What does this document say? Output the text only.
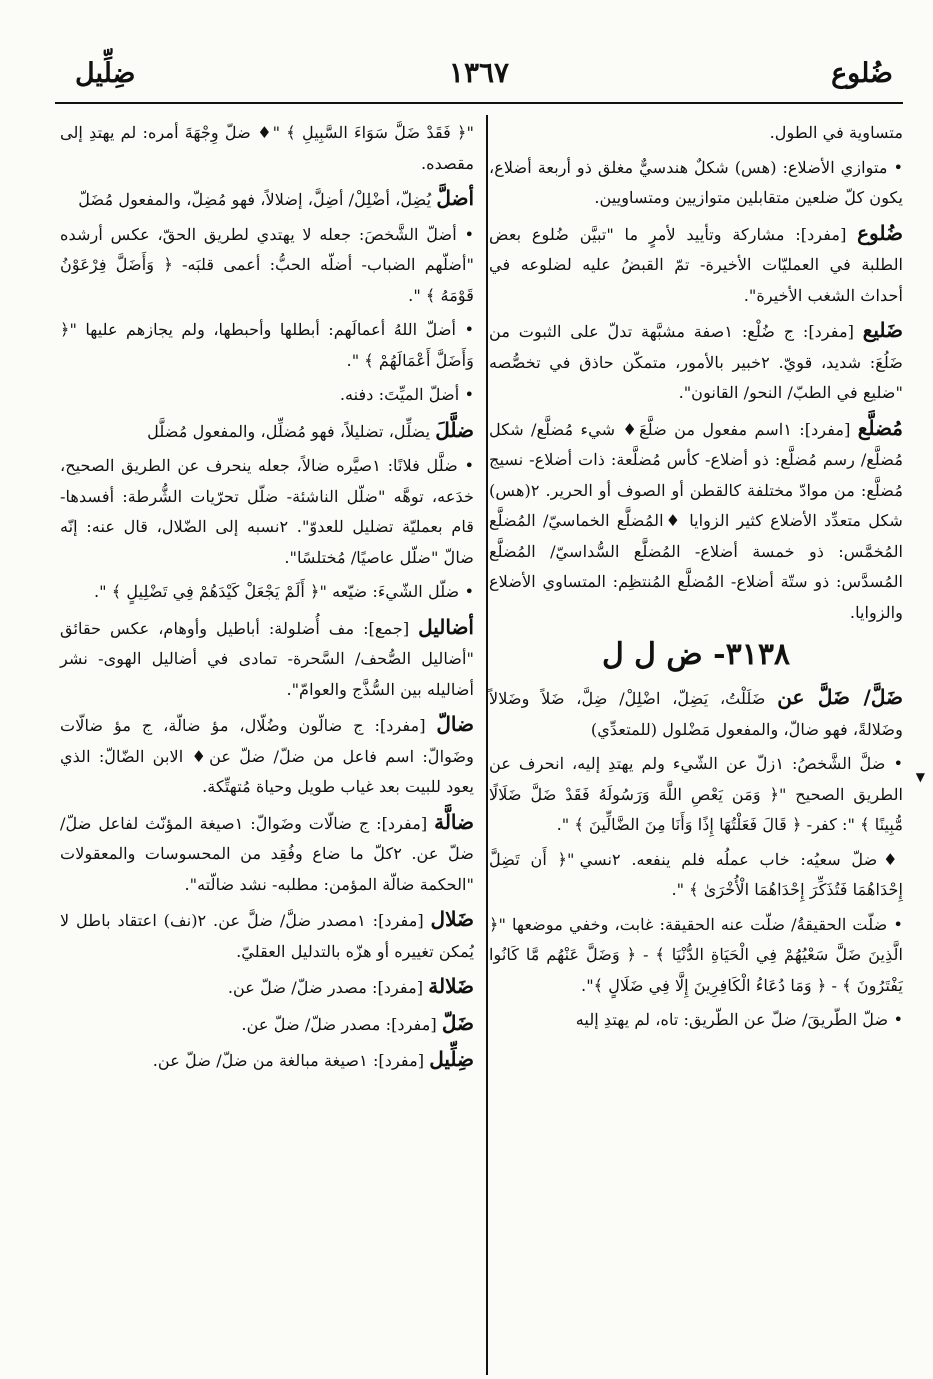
ضُلوع
١٣٦٧
ضِلِّيل

متساوية في الطول.

• متوازي الأضلاع: (هس) شكلٌ هندسيٌّ مغلق ذو أربعة أضلاع، يكون كلّ ضلعين متقابلين متوازيين ومتساويين.

ضُلوع [مفرد]: مشاركة وتأييد لأمرٍ ما "تبيَّن ضُلوع بعض الطلبة في العمليّات الأخيرة- تمّ القبضُ عليه لضلوعه في أحداث الشغب الأخيرة".

ضَليع [مفرد]: ج ضُلْع: ١صفة مشبَّهة تدلّ على الثبوت من ضَلُعَ: شديد، قويّ. ٢خبير بالأمور، متمكّن حاذق في تخصُّصه "ضليع في الطبّ/ النحو/ القانون".

مُضلَّع [مفرد]: ١اسم مفعول من ضلَّعَ♦ شيء مُضلَّع/ شكل مُضلَّع/ رسم مُضلَّع: ذو أضلاع- كأس مُضلَّعة: ذات أضلاع- نسيج مُضلَّع: من موادّ مختلفة كالقطن أو الصوف أو الحرير. ٢(هس) شكل متعدِّد الأضلاع كثير الزوايا ♦المُضلَّع الخماسيّ/ المُضلَّع المُخمَّس: ذو خمسة أضلاع- المُضلَّع السُّداسيّ/ المُضلَّع المُسدَّس: ذو ستّة أضلاع- المُضلَّع المُنتظِم: المتساوي الأضلاع والزوايا.

٣١٣٨- ض ل ل

ضَلَّ/ ضَلَّ عن ضَلَلْتُ، يَضِلّ، اضْلِلْ/ ضِلَّ، ضَلاً وضَلالاً وضَلالةً، فهو ضالّ، والمفعول مَضْلول (للمتعدِّي)

• ضلَّ الشَّخصُ: ١زلّ عن الشّيء ولم يهتدِ إليه، انحرف عن الطريق الصحيح "﴿ وَمَن يَعْصِ اللَّهَ وَرَسُولَهُ فَقَدْ ضَلَّ ضَلَالًا مُّبِينًا ﴾ ": كفر- ﴿ قَالَ فَعَلْتُهَا إِذًا وَأَنَا مِنَ الضَّالِّينَ ﴾ ".

♦ضلّ سعيُه: خاب عملُه فلم ينفعه. ٢نسي "﴿ أَن تَضِلَّ إِحْدَاهُمَا فَتُذَكِّرَ إِحْدَاهُمَا الْأُخْرَىٰ ﴾ ".

• ضلّت الحقيقةُ/ ضلّت عنه الحقيقة: غابت، وخفي موضعها "﴿ الَّذِينَ ضَلَّ سَعْيُهُمْ فِي الْحَيَاةِ الدُّنْيَا ﴾ - ﴿ وَضَلَّ عَنْهُم مَّا كَانُوا يَفْتَرُونَ ﴾ - ﴿ وَمَا دُعَاءُ الْكَافِرِينَ إِلَّا فِي ضَلَالٍ ﴾".

• ضلّ الطّريقَ/ ضلّ عن الطّريق: تاه، لم يهتدِ إليه

"﴿ فَقَدْ ضَلَّ سَوَاءَ السَّبِيلِ ﴾ "♦ ضلّ وِجْهَةَ أمره: لم يهتدِ إلى مقصده.

أضلَّ يُضِلّ، أضْلِلْ/ أضِلَّ، إضلالاً، فهو مُضِلّ، والمفعول مُضَلّ

• أضلّ الشَّخصَ: جعله لا يهتدي لطريق الحقّ، عكس أرشده "أضلّهم الضباب- أضلّه الحبُّ: أعمى قلبَه- ﴿ وَأَضَلَّ فِرْعَوْنُ قَوْمَهُ ﴾ ".

• أضلّ اللهُ أعمالَهم: أبطلها وأحبطها، ولم يجازهم عليها "﴿ وَأَضَلَّ أَعْمَالَهُمْ ﴾ ".

• أضلّ الميِّتَ: دفنه.

ضلَّلَ يضلِّل، تضليلاً، فهو مُضلِّل، والمفعول مُضلَّل

• ضلَّل فلانًا: ١صيَّره ضالاً، جعله ينحرف عن الطريق الصحيح، خدَعه، توهَّه "ضلّل الناشئة- ضلّل تحرّيات الشُّرطة: أفسدها- قام بعمليّة تضليل للعدوّ". ٢نسبه إلى الضّلال، قال عنه: إنّه ضالّ "ضلّل عاصيًا/ مُختلسًا".

• ضلّل الشّيءَ: ضيّعه "﴿ أَلَمْ يَجْعَلْ كَيْدَهُمْ فِي تَضْلِيلٍ ﴾ ".

أضاليل [جمع]: مف أُضلولة: أباطيل وأوهام، عكس حقائق "أضاليل الصُّحف/ السَّحرة- تمادى في أضاليل الهوى- نشر أضاليله بين السُّذَّج والعوامّ".

ضالّ [مفرد]: ج ضالّون وضُلّال، مؤ ضالّة، ج مؤ ضالّات وضَوالّ: اسم فاعل من ضلّ/ ضلّ عن♦ الابن الضّالّ: الذي يعود للبيت بعد غياب طويل وحياة مُتهتِّكة.

ضالَّة [مفرد]: ج ضالّات وضَوالّ: ١صيغة المؤنّث لفاعل ضلّ/ ضلّ عن. ٢كلّ ما ضاع وفُقِد من المحسوسات والمعقولات "الحكمة ضالّة المؤمن: مطلبه- نشد ضالّته".

ضَلال [مفرد]: ١مصدر ضلَّ/ ضلَّ عن. ٢(نف) اعتقاد باطل لا يُمكن تغييره أو هزّه بالتدليل العقليّ.

ضَلالة [مفرد]: مصدر ضلّ/ ضلّ عن.

ضَلّ [مفرد]: مصدر ضلّ/ ضلّ عن.

ضِلِّيل [مفرد]: ١صيغة مبالغة من ضلّ/ ضلّ عن.

▼
